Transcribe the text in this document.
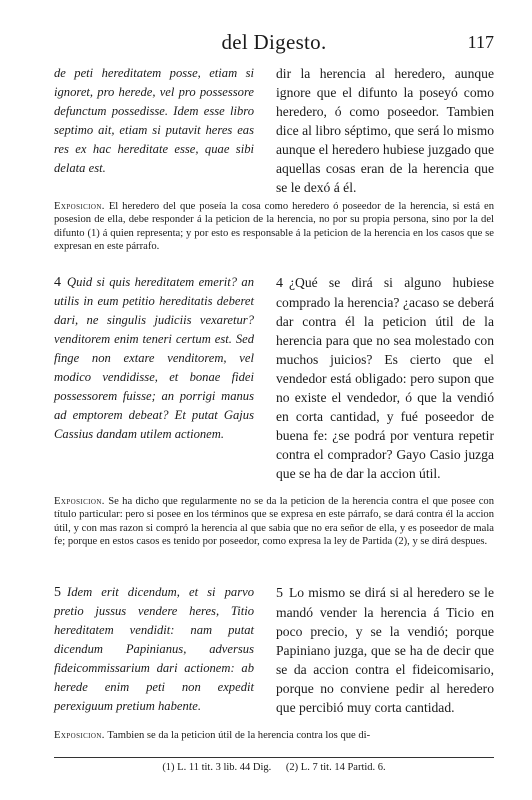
del Digesto.	117

de peti hereditatem posse, etiam si ignoret, pro herede, vel pro possessore defunctum possedisse. Idem esse libro septimo ait, etiam si putavit heres eas res ex hac hereditate esse, quae sibi delata est.

dir la herencia al heredero, aunque ignore que el difunto la poseyó como heredero, ó como poseedor. Tambien dice al libro séptimo, que será lo mismo aunque el heredero hubiese juzgado que aquellas cosas eran de la herencia que se le dexó á él.

Exposicion. El heredero del que poseía la cosa como heredero ó poseedor de la herencia, si está en posesion de ella, debe responder á la peticion de la herencia, no por su propia persona, sino por la del difunto (1) á quien representa; y por esto es responsable á la peticion de la herencia en los casos que se expresan en este párrafo.

4 Quid si quis hereditatem emerit? an utilis in eum petitio hereditatis deberet dari, ne singulis judiciis vexaretur? venditorem enim teneri certum est. Sed finge non extare venditorem, vel modico vendidisse, et bonae fidei possessorem fuisse; an porrigi manus ad emptorem debeat? Et putat Gajus Cassius dandam utilem actionem.

4 ¿Qué se dirá si alguno hubiese comprado la herencia? ¿acaso se deberá dar contra él la peticion útil de la herencia para que no sea molestado con muchos juicios? Es cierto que el vendedor está obligado: pero supon que no existe el vendedor, ó que la vendió en corta cantidad, y fué poseedor de buena fe: ¿se podrá por ventura repetir contra el comprador? Gayo Casio juzga que se ha de dar la accion útil.

Exposicion. Se ha dicho que regularmente no se da la peticion de la herencia contra el que posee con título particular: pero si posee en los términos que se expresa en este párrafo, se dará contra él la accion útil, y con mas razon si compró la herencia al que sabia que no era señor de ella, y es poseedor de mala fe; porque en estos casos es tenido por poseedor, como expresa la ley de Partida (2), y se dirá despues.

5 Idem erit dicendum, et si parvo pretio jussus vendere heres, Titio hereditatem vendidit: nam putat dicendum Papinianus, adversus fideicommissarium dari actionem: ab herede enim peti non expedit perexiguum pretium habente.

5 Lo mismo se dirá si al heredero se le mandó vender la herencia á Ticio en poco precio, y se la vendió; porque Papiniano juzga, que se ha de decir que se da accion contra el fideicomisario, porque no conviene pedir al heredero que percibió muy corta cantidad.

Exposicion. Tambien se da la peticion útil de la herencia contra los que di-

(1) L. 11 tit. 3 lib. 44 Dig. (2) L. 7 tit. 14 Partid. 6.
